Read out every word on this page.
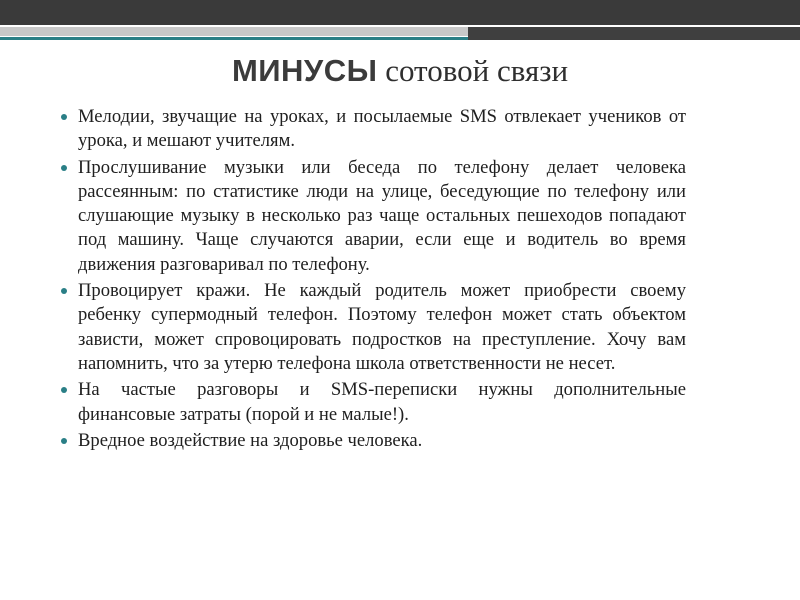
МИНУСЫ сотовой связи
Мелодии, звучащие на уроках, и посылаемые SMS отвлекает учеников от урока, и мешают учителям.
Прослушивание музыки или беседа по телефону делает человека рассеянным: по статистике люди на улице, беседующие по телефону или слушающие музыку в несколько раз чаще остальных пешеходов попадают под машину. Чаще случаются аварии, если еще и водитель во время движения разговаривал по телефону.
Провоцирует кражи. Не каждый родитель может приобрести своему ребенку супермодный телефон. Поэтому телефон может стать объектом зависти, может спровоцировать подростков на преступление. Хочу вам напомнить, что за утерю телефона школа ответственности не несет.
На частые разговоры и SMS-переписки нужны дополнительные финансовые затраты (порой и не малые!).
Вредное воздействие на здоровье человека.
